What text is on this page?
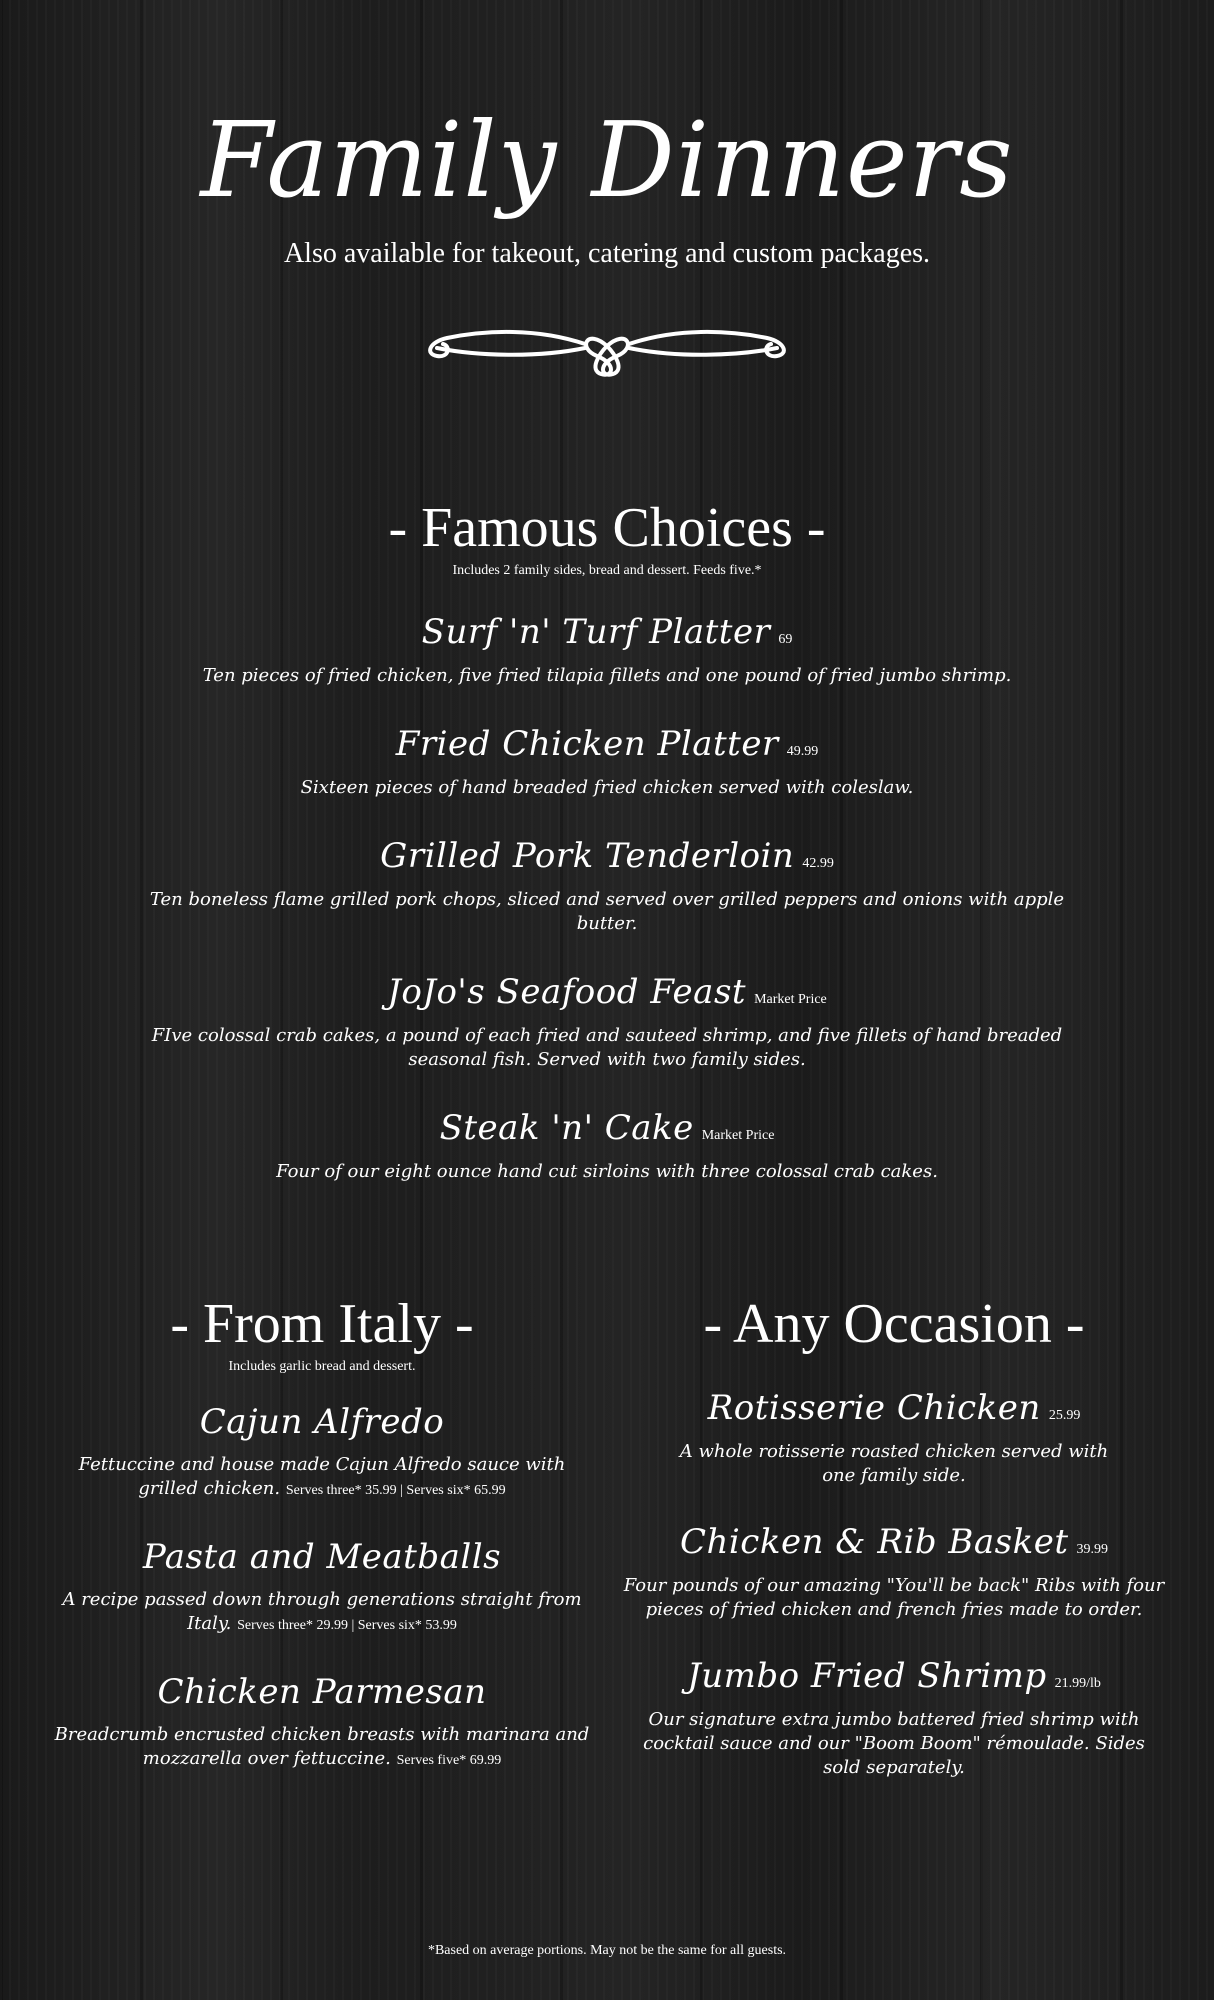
Family Dinners
Also available for takeout, catering and custom packages.
- Famous Choices -
Includes 2 family sides, bread and dessert. Feeds five.*
Surf 'n' Turf Platter 69
Ten pieces of fried chicken, five fried tilapia fillets and one pound of fried jumbo shrimp.
Fried Chicken Platter 49.99
Sixteen pieces of hand breaded fried chicken served with coleslaw.
Grilled Pork Tenderloin 42.99
Ten boneless flame grilled pork chops, sliced and served over grilled peppers and onions with apple butter.
JoJo's Seafood Feast Market Price
FIve colossal crab cakes, a pound of each fried and sauteed shrimp, and five fillets of hand breaded seasonal fish. Served with two family sides.
Steak 'n' Cake Market Price
Four of our eight ounce hand cut sirloins with three colossal crab cakes.
- From Italy -
Includes garlic bread and dessert.
Cajun Alfredo
Fettuccine and house made Cajun Alfredo sauce with grilled chicken. Serves three* 35.99 | Serves six* 65.99
Pasta and Meatballs
A recipe passed down through generations straight from Italy. Serves three* 29.99 | Serves six* 53.99
Chicken Parmesan
Breadcrumb encrusted chicken breasts with marinara and mozzarella over fettuccine. Serves five* 69.99
- Any Occasion -
Rotisserie Chicken 25.99
A whole rotisserie roasted chicken served with one family side.
Chicken & Rib Basket 39.99
Four pounds of our amazing "You'll be back" Ribs with four pieces of fried chicken and french fries made to order.
Jumbo Fried Shrimp 21.99/lb
Our signature extra jumbo battered fried shrimp with cocktail sauce and our "Boom Boom" rémoulade. Sides sold separately.
*Based on average portions. May not be the same for all guests.
